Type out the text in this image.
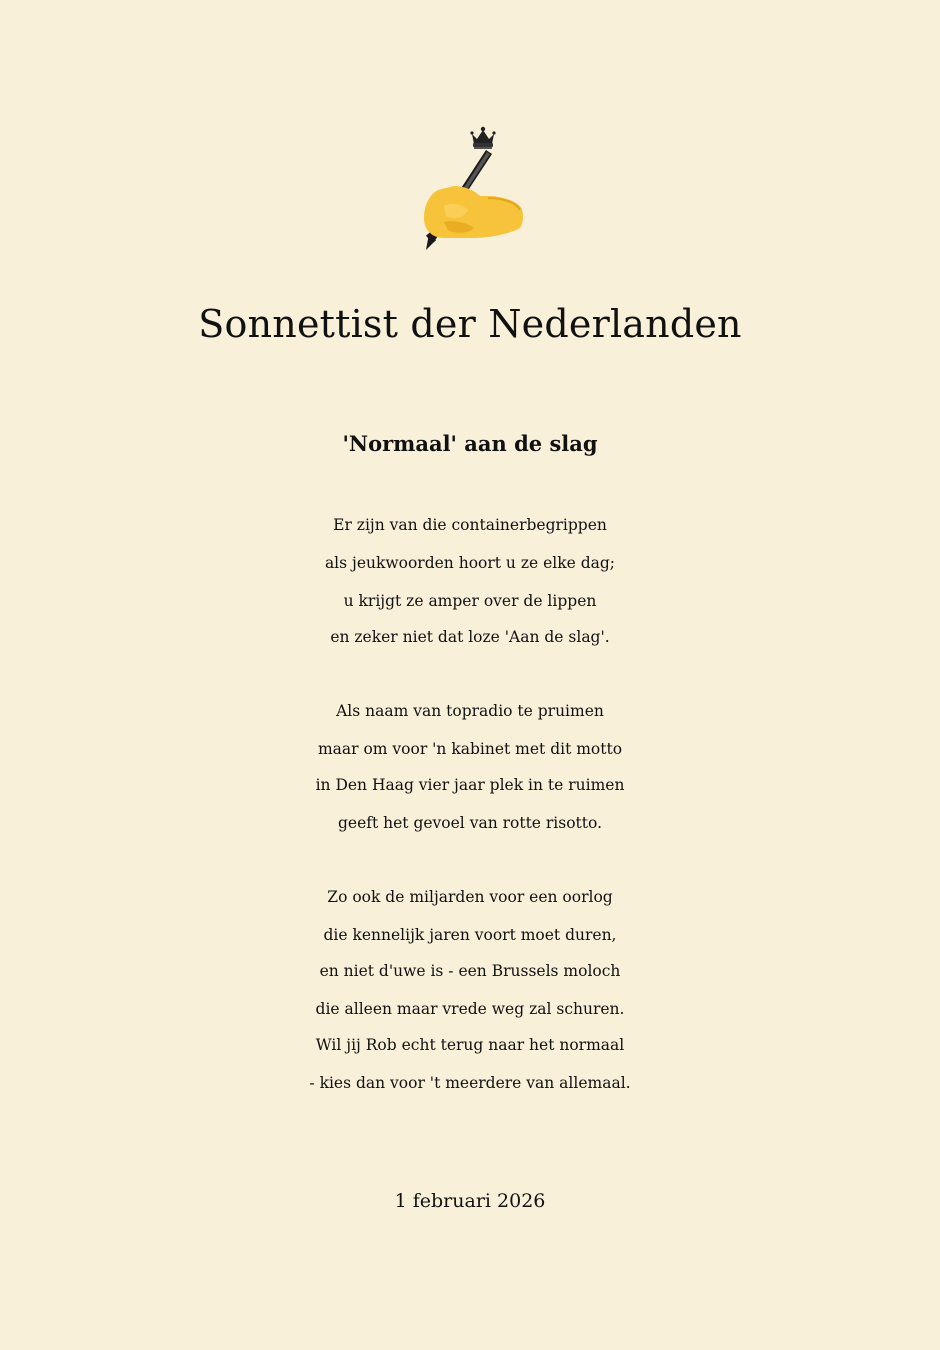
Sonnettist der Nederlanden
'Normaal' aan de slag
Er zijn van die containerbegrippen
als jeukwoorden hoort u ze elke dag;
u krijgt ze amper over de lippen
en zeker niet dat loze 'Aan de slag'.
Als naam van topradio te pruimen
maar om voor 'n kabinet met dit motto
in Den Haag vier jaar plek in te ruimen
geeft het gevoel van rotte risotto.
Zo ook de miljarden voor een oorlog
die kennelijk jaren voort moet duren,
en niet d'uwe is - een Brussels moloch
die alleen maar vrede weg zal schuren.
Wil jij Rob echt terug naar het normaal
- kies dan voor 't meerdere van allemaal.
1 februari 2026
